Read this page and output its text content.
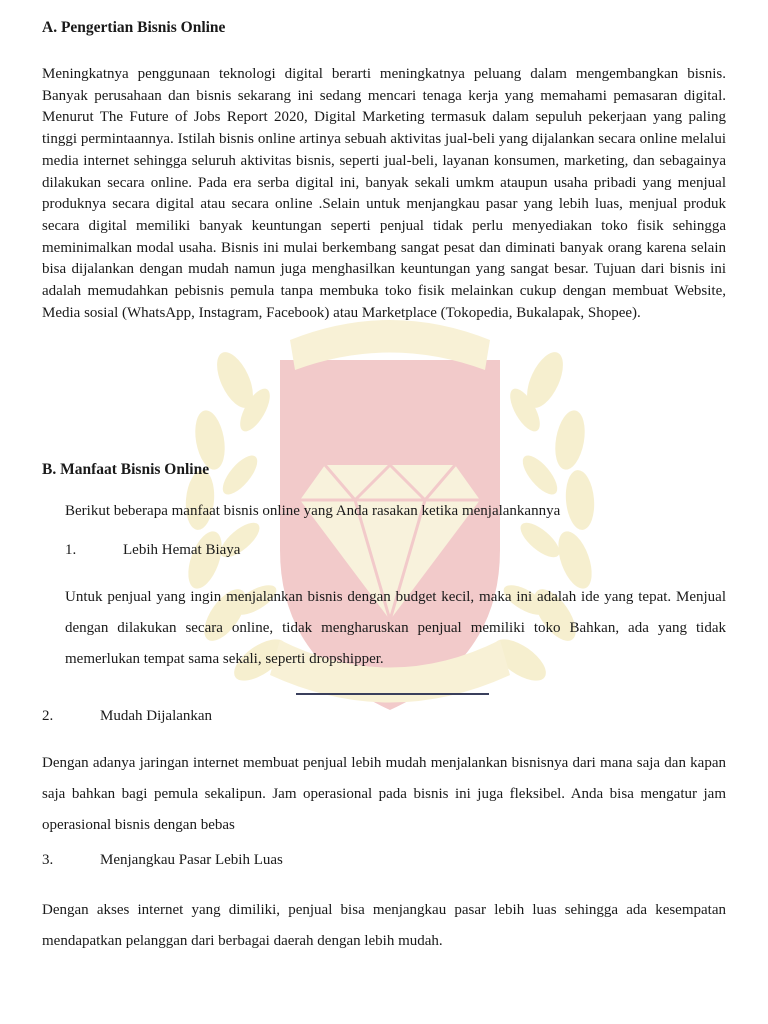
A. Pengertian Bisnis Online
Meningkatnya penggunaan teknologi digital berarti meningkatnya peluang dalam mengembangkan bisnis. Banyak perusahaan dan bisnis sekarang ini sedang mencari tenaga kerja yang memahami pemasaran digital. Menurut The Future of Jobs Report 2020, Digital Marketing termasuk dalam sepuluh pekerjaan yang paling tinggi permintaannya. Istilah bisnis online artinya sebuah aktivitas jual-beli yang dijalankan secara online melalui media internet sehingga seluruh aktivitas bisnis, seperti jual-beli, layanan konsumen, marketing, dan sebagainya dilakukan secara online. Pada era serba digital ini, banyak sekali umkm ataupun usaha pribadi yang menjual produknya secara digital atau secara online .Selain untuk menjangkau pasar yang lebih luas, menjual produk secara digital memiliki banyak keuntungan seperti penjual tidak perlu menyediakan toko fisik sehingga meminimalkan modal usaha. Bisnis ini mulai berkembang sangat pesat dan diminati banyak orang karena selain bisa dijalankan dengan mudah namun juga menghasilkan keuntungan yang sangat besar. Tujuan dari bisnis ini adalah memudahkan pebisnis pemula tanpa membuka toko fisik melainkan cukup dengan membuat Website, Media sosial (WhatsApp, Instagram, Facebook) atau Marketplace (Tokopedia, Bukalapak, Shopee).
B. Manfaat Bisnis Online
Berikut beberapa manfaat bisnis online yang Anda rasakan ketika menjalankannya
1.	Lebih Hemat Biaya
Untuk penjual yang ingin menjalankan bisnis dengan budget kecil, maka ini adalah ide yang tepat. Menjual dengan dilakukan secara online, tidak mengharuskan penjual memiliki toko Bahkan, ada yang tidak memerlukan tempat sama sekali, seperti dropshipper.
2.	Mudah Dijalankan
Dengan adanya jaringan internet membuat penjual lebih mudah menjalankan bisnisnya dari mana saja dan kapan saja bahkan bagi pemula sekalipun. Jam operasional pada bisnis ini juga fleksibel. Anda bisa mengatur jam operasional bisnis dengan bebas
3.	Menjangkau Pasar Lebih Luas
Dengan akses internet yang dimiliki, penjual bisa menjangkau pasar lebih luas sehingga ada kesempatan mendapatkan pelanggan dari berbagai daerah dengan lebih mudah.
